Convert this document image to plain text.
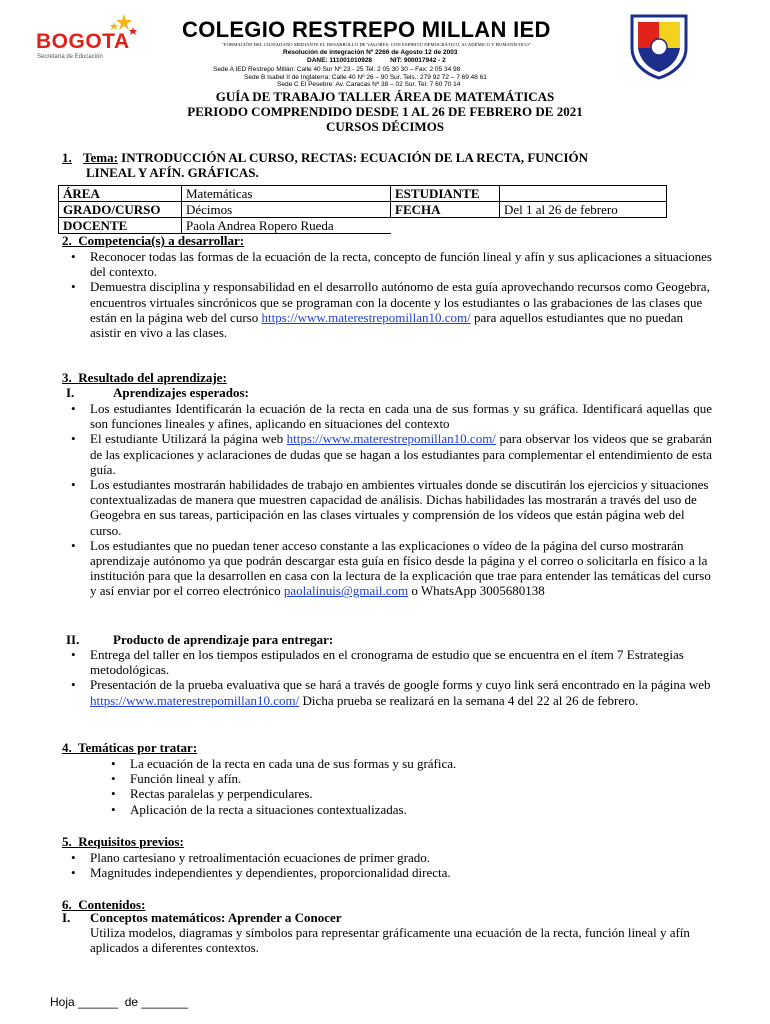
BOGOTA
Secretaría de Educación
COLEGIO RESTREPO MILLAN IED
"FORMACIÓN DEL CIUDADANO MEDIANTE EL DESARROLLO DE VALORES, CON ESPÍRITU DEMOCRÁTICO, ACADÉMICO Y HUMANÍSTICO"
Resolución de integración Nº 2266 de Agosto 12 de 2003
DANE: 111001010928          NIT: 900017942 - 2
Sede A IED Restrepo Millán: Calle 40 Sur Nº 23 - 25 Tel: 2 05 30 30 – Fax: 2 05 34 98
Sede B Isabel II de Inglaterra: Calle 40 Nº 26 – 90 Sur. Tels.: 279 92 72 – 7 69 48 61
Sede C El Pesebre: Av. Caracas Nº 38 – 02 Sur. Tel: 7 60 70 14
GUÍA DE TRABAJO TALLER ÁREA DE MATEMÁTICAS
PERIODO COMPRENDIDO DESDE 1 AL 26 DE FEBRERO DE 2021
CURSOS DÉCIMOS
1. Tema: INTRODUCCIÓN AL CURSO, RECTAS: ECUACIÓN DE LA RECTA, FUNCIÓN
LINEAL Y AFÍN. GRÁFICAS.
ÁREA	Matemáticas	ESTUDIANTE	
GRADO/CURSO	Décimos	FECHA	Del 1 al 26 de febrero
DOCENTE	Paola Andrea Ropero Rueda		
2.  Competencia(s) a desarrollar:
• Reconocer todas las formas de la ecuación de la recta, concepto de función lineal y afín y sus aplicaciones a situaciones del contexto.
• Demuestra disciplina y responsabilidad en el desarrollo autónomo de esta guía aprovechando recursos como Geogebra, encuentros virtuales sincrónicos que se programan con la docente y los estudiantes o las grabaciones de las clases que están en la página web del curso https://www.materestrepomillan10.com/ para aquellos estudiantes que no puedan asistir en vivo a las clases.
3.  Resultado del aprendizaje:
I.	Aprendizajes esperados:
• Los estudiantes Identificarán la ecuación de la recta en cada una de sus formas y su gráfica. Identificará aquellas que son funciones lineales y afines, aplicando en situaciones del contexto
• El estudiante Utilizará la página web https://www.materestrepomillan10.com/ para observar los videos que se grabarán de las explicaciones y aclaraciones de dudas que se hagan a los estudiantes para complementar el entendimiento de esta guía.
• Los estudiantes mostrarán habilidades de trabajo en ambientes virtuales donde se discutirán los ejercicios y situaciones contextualizadas de manera que muestren capacidad de análisis. Dichas habilidades las mostrarán a través del uso de Geogebra en sus tareas, participación en las clases virtuales y comprensión de los vídeos que están página web del curso.
• Los estudiantes que no puedan tener acceso constante a las explicaciones o vídeo de la página del curso mostrarán aprendizaje autónomo ya que podrán descargar esta guía en físico desde la página y el correo o solicitarla en físico a la institución para que la desarrollen en casa con la lectura de la explicación que trae para entender las temáticas del curso y así enviar por el correo electrónico paolalinuis@gmail.com o WhatsApp 3005680138
II.	Producto de aprendizaje para entregar:
• Entrega del taller en los tiempos estipulados en el cronograma de estudio que se encuentra en el ítem 7 Estrategias metodológicas.
• Presentación de la prueba evaluativa que se hará a través de google forms y cuyo link será encontrado en la página web https://www.materestrepomillan10.com/ Dicha prueba se realizará en la semana 4 del 22 al 26 de febrero.
4.  Temáticas por tratar:
• La ecuación de la recta en cada una de sus formas y su gráfica.
• Función lineal y afín.
• Rectas paralelas y perpendiculares.
• Aplicación de la recta a situaciones contextualizadas.
5.  Requisitos previos:
• Plano cartesiano y retroalimentación ecuaciones de primer grado.
• Magnitudes independientes y dependientes, proporcionalidad directa.
6.  Contenidos:
I. Conceptos matemáticos: Aprender a Conocer
Utiliza modelos, diagramas y símbolos para representar gráficamente una ecuación de la recta, función lineal y afín aplicados a diferentes contextos.
Hoja ______  de _______
